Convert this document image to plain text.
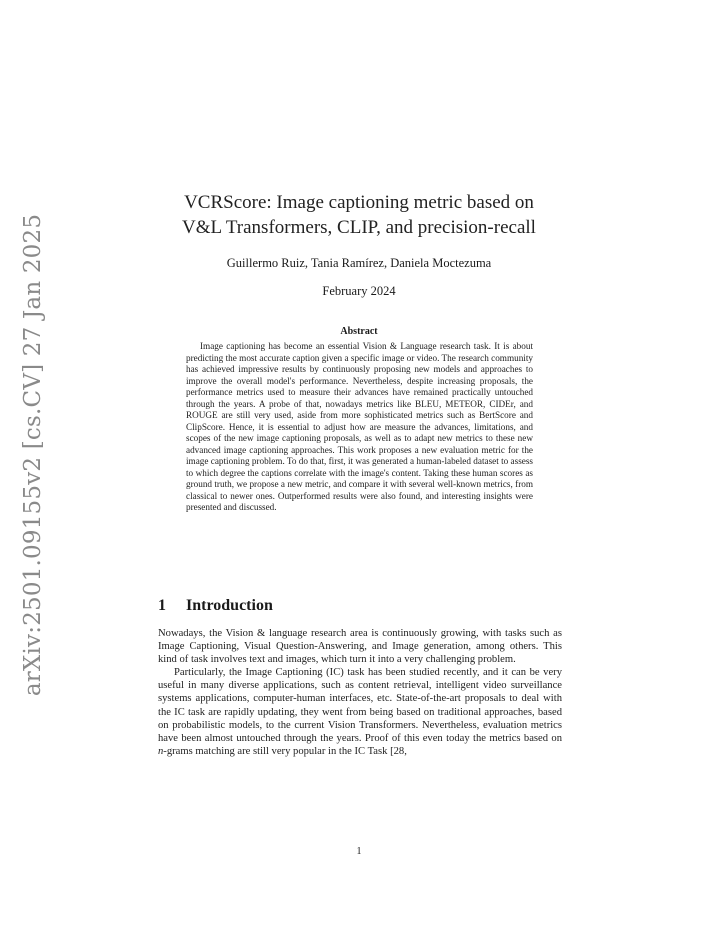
arXiv:2501.09155v2 [cs.CV] 27 Jan 2025
VCRScore: Image captioning metric based on
V&L Transformers, CLIP, and precision-recall
Guillermo Ruiz, Tania Ramírez, Daniela Moctezuma
February 2024
Abstract
Image captioning has become an essential Vision & Language research task. It is about predicting the most accurate caption given a specific image or video. The research community has achieved impressive results by continuously proposing new models and approaches to improve the overall model's performance. Nevertheless, despite increasing proposals, the performance metrics used to measure their advances have remained practically untouched through the years. A probe of that, nowadays metrics like BLEU, METEOR, CIDEr, and ROUGE are still very used, aside from more sophisticated metrics such as BertScore and ClipScore. Hence, it is essential to adjust how are measure the advances, limitations, and scopes of the new image captioning proposals, as well as to adapt new metrics to these new advanced image captioning approaches. This work proposes a new evaluation metric for the image captioning problem. To do that, first, it was generated a human-labeled dataset to assess to which degree the captions correlate with the image's content. Taking these human scores as ground truth, we propose a new metric, and compare it with several well-known metrics, from classical to newer ones. Outperformed results were also found, and interesting insights were presented and discussed.
1 Introduction

Nowadays, the Vision & language research area is continuously growing, with tasks such as Image Captioning, Visual Question-Answering, and Image generation, among others. This kind of task involves text and images, which turn it into a very challenging problem.

Particularly, the Image Captioning (IC) task has been studied recently, and it can be very useful in many diverse applications, such as content retrieval, intelligent video surveillance systems applications, computer-human interfaces, etc. State-of-the-art proposals to deal with the IC task are rapidly updating, they went from being based on traditional approaches, based on probabilistic models, to the current Vision Transformers. Nevertheless, evaluation metrics have been almost untouched through the years. Proof of this even today the metrics based on n-grams matching are still very popular in the IC Task [28,

1
